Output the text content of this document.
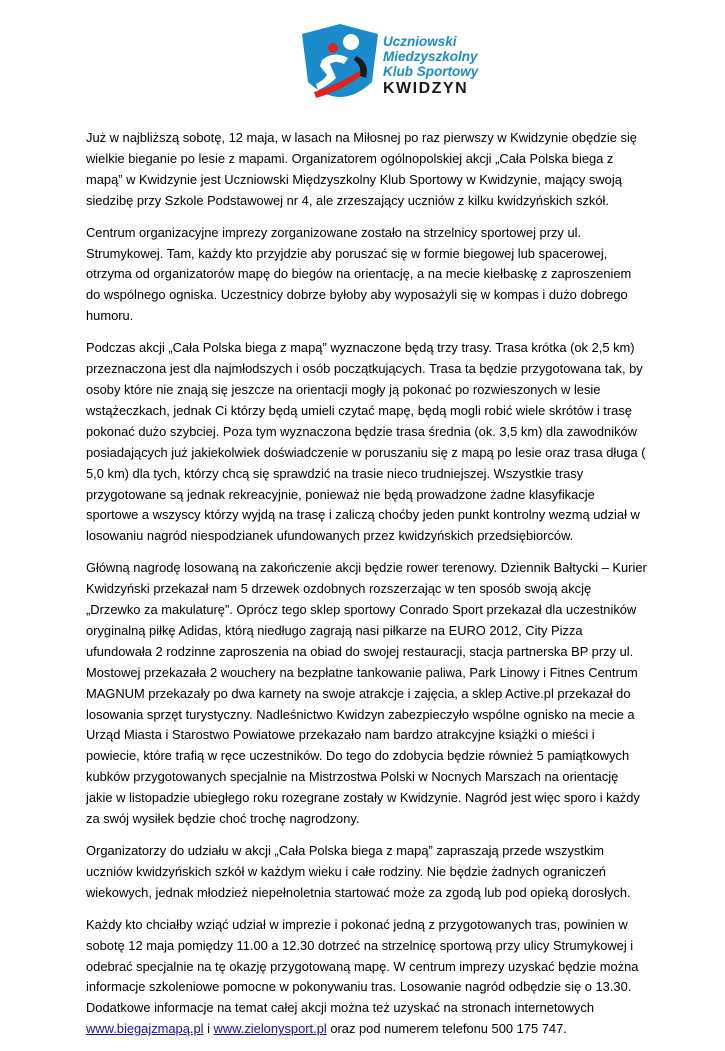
Uczniowski
Miedzyszkolny
Klub Sportowy
KWIDZYN

Już w najbliższą sobotę, 12 maja, w lasach na Miłosnej po raz pierwszy w Kwidzynie obędzie się wielkie bieganie po lesie z mapami. Organizatorem ogólnopolskiej akcji „Cała Polska biega z mapą” w Kwidzynie jest Uczniowski Międzyszkolny Klub Sportowy w Kwidzynie, mający swoją siedzibę przy Szkole Podstawowej nr 4, ale zrzeszający uczniów z kilku kwidzyńskich szkół.

Centrum organizacyjne imprezy zorganizowane zostało na strzelnicy sportowej przy ul. Strumykowej. Tam, każdy kto przyjdzie aby poruszać się w formie biegowej lub spacerowej, otrzyma od organizatorów mapę do biegów na orientację, a na mecie kiełbaskę z zaproszeniem do wspólnego ogniska. Uczestnicy dobrze byłoby aby wyposażyli się w kompas i dużo dobrego humoru.

Podczas akcji „Cała Polska biega z mapą” wyznaczone będą trzy trasy. Trasa krótka (ok 2,5 km) przeznaczona jest dla najmłodszych i osób początkujących. Trasa ta będzie przygotowana tak, by osoby które nie znają się jeszcze na orientacji mogły ją pokonać po rozwieszonych w lesie wstążeczkach, jednak Ci którzy będą umieli czytać mapę, będą mogli robić wiele skrótów i trasę pokonać dużo szybciej. Poza tym wyznaczona będzie trasa średnia (ok. 3,5 km) dla zawodników posiadających już jakiekolwiek doświadczenie w poruszaniu się z mapą po lesie oraz trasa długa ( 5,0 km) dla tych, którzy chcą się sprawdzić na trasie nieco trudniejszej. Wszystkie trasy przygotowane są jednak rekreacyjnie, ponieważ nie będą prowadzone żadne klasyfikacje sportowe a wszyscy którzy wyjdą na trasę i zaliczą choćby jeden punkt kontrolny wezmą udział w losowaniu nagród niespodzianek ufundowanych przez kwidzyńskich przedsiębiorców.

Główną nagrodę losowaną na zakończenie akcji będzie rower terenowy. Dziennik Bałtycki – Kurier Kwidzyński przekazał nam 5 drzewek ozdobnych rozszerzając w ten sposób swoją akcję „Drzewko za makulaturę”. Oprócz tego sklep sportowy Conrado Sport przekazał dla uczestników oryginalną piłkę Adidas, którą niedługo zagrają nasi piłkarze na EURO 2012, City Pizza ufundowała 2 rodzinne zaproszenia na obiad do swojej restauracji, stacja partnerska BP przy ul. Mostowej przekazała 2 wouchery na bezpłatne tankowanie paliwa, Park Linowy i Fitnes Centrum MAGNUM przekazały po dwa karnety na swoje atrakcje i zajęcia, a sklep Active.pl przekazał do losowania sprzęt turystyczny. Nadleśnictwo Kwidzyn zabezpieczyło wspólne ognisko na mecie a Urząd Miasta i Starostwo Powiatowe przekazało nam bardzo atrakcyjne książki o mieści i powiecie, które trafią w ręce uczestników. Do tego do zdobycia będzie również 5 pamiątkowych kubków przygotowanych specjalnie na Mistrzostwa Polski w Nocnych Marszach na orientację jakie w listopadzie ubiegłego roku rozegrane zostały w Kwidzynie. Nagród jest więc sporo i każdy za swój wysiłek będzie choć trochę nagrodzony.

Organizatorzy do udziału w akcji „Cała Polska biega z mapą” zapraszają przede wszystkim uczniów kwidzyńskich szkół w każdym wieku i całe rodziny. Nie będzie żadnych ograniczeń wiekowych, jednak młodzież niepełnoletnia startować może za zgodą lub pod opieką dorosłych.

Każdy kto chciałby wziąć udział w imprezie i pokonać jedną z przygotowanych tras, powinien w sobotę 12 maja pomiędzy 11.00 a 12.30 dotrzeć na strzelnicę sportową przy ulicy Strumykowej i odebrać specjalnie na tę okazję przygotowaną mapę. W centrum imprezy uzyskać będzie można informacje szkoleniowe pomocne w pokonywaniu tras. Losowanie nagród odbędzie się o 13.30. Dodatkowe informacje na temat całej akcji można też uzyskać na stronach internetowych www.biegajzmapą.pl i www.zielonysport.pl oraz pod numerem telefonu 500 175 747.
